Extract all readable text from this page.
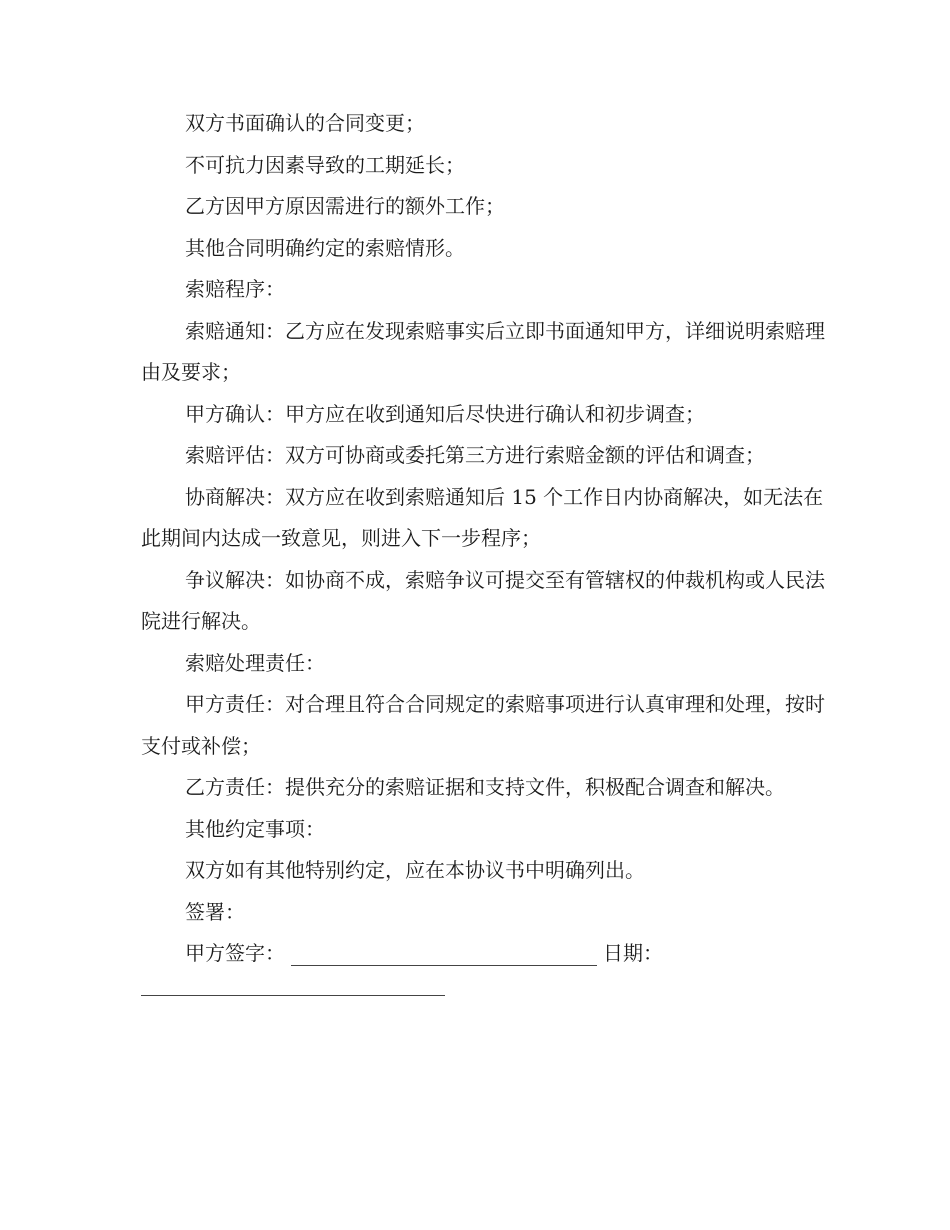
双方书面确认的合同变更；

不可抗力因素导致的工期延长；

乙方因甲方原因需进行的额外工作；

其他合同明确约定的索赔情形。

索赔程序：

索赔通知：乙方应在发现索赔事实后立即书面通知甲方，详细说明索赔理由及要求；

甲方确认：甲方应在收到通知后尽快进行确认和初步调查；

索赔评估：双方可协商或委托第三方进行索赔金额的评估和调查；

协商解决：双方应在收到索赔通知后 15 个工作日内协商解决，如无法在此期间内达成一致意见，则进入下一步程序；

争议解决：如协商不成，索赔争议可提交至有管辖权的仲裁机构或人民法院进行解决。

索赔处理责任：

甲方责任：对合理且符合合同规定的索赔事项进行认真审理和处理，按时支付或补偿；

乙方责任：提供充分的索赔证据和支持文件，积极配合调查和解决。

其他约定事项：

双方如有其他特别约定，应在本协议书中明确列出。

签署：

甲方签字：	日期：
